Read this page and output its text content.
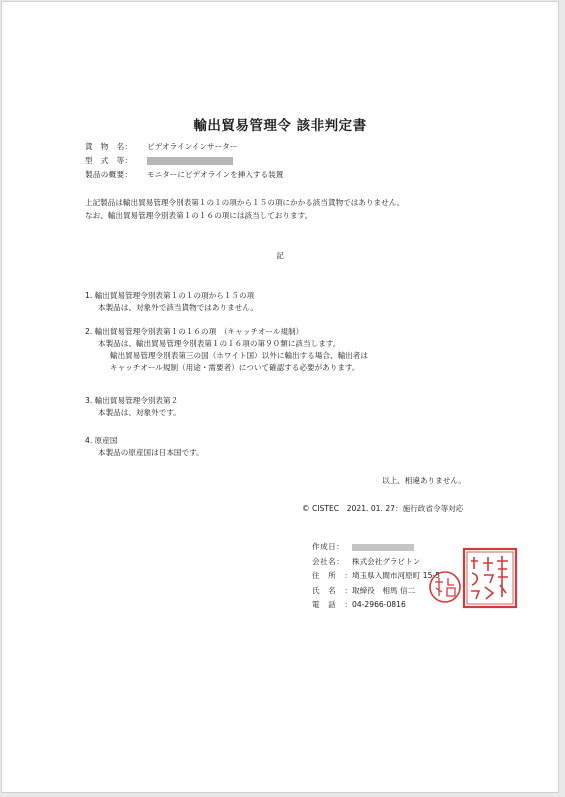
輸出貿易管理令 該非判定書
貨　物　名： ビデオラインインサーター
型　式　等：
製品の概要： モニターにビデオラインを挿入する装置
上記製品は輸出貿易管理令別表第１の１の項から１５の項にかかる該当貨物ではありません。
なお、輸出貿易管理令別表第１の１６の項には該当しております。
記
1. 輸出貿易管理令別表第１の１の項から１５の項
本製品は、対象外で該当貨物ではありません。
2. 輸出貿易管理令別表第１の１６の項　（キャッチオール規制）
本製品は、輸出貿易管理令別表第１の１６項の第９０類に該当します。
輸出貿易管理令別表第三の国（ホワイト国）以外に輸出する場合、輸出者は
キャッチオール規制（用途・需要者）について確認する必要があります。
3. 輸出貿易管理令別表第２
本製品は、対象外です。
4. 原産国
本製品の原産国は日本国です。
以上、相違ありません。
© CISTEC　2021. 01. 27：施行政省令等対応
作成日：
会社名： 株式会社グラビトン
住　所　：埼玉県入間市河原町 15-5
氏　名　：取締役　相馬 信二
電　話　：04-2966-0816
